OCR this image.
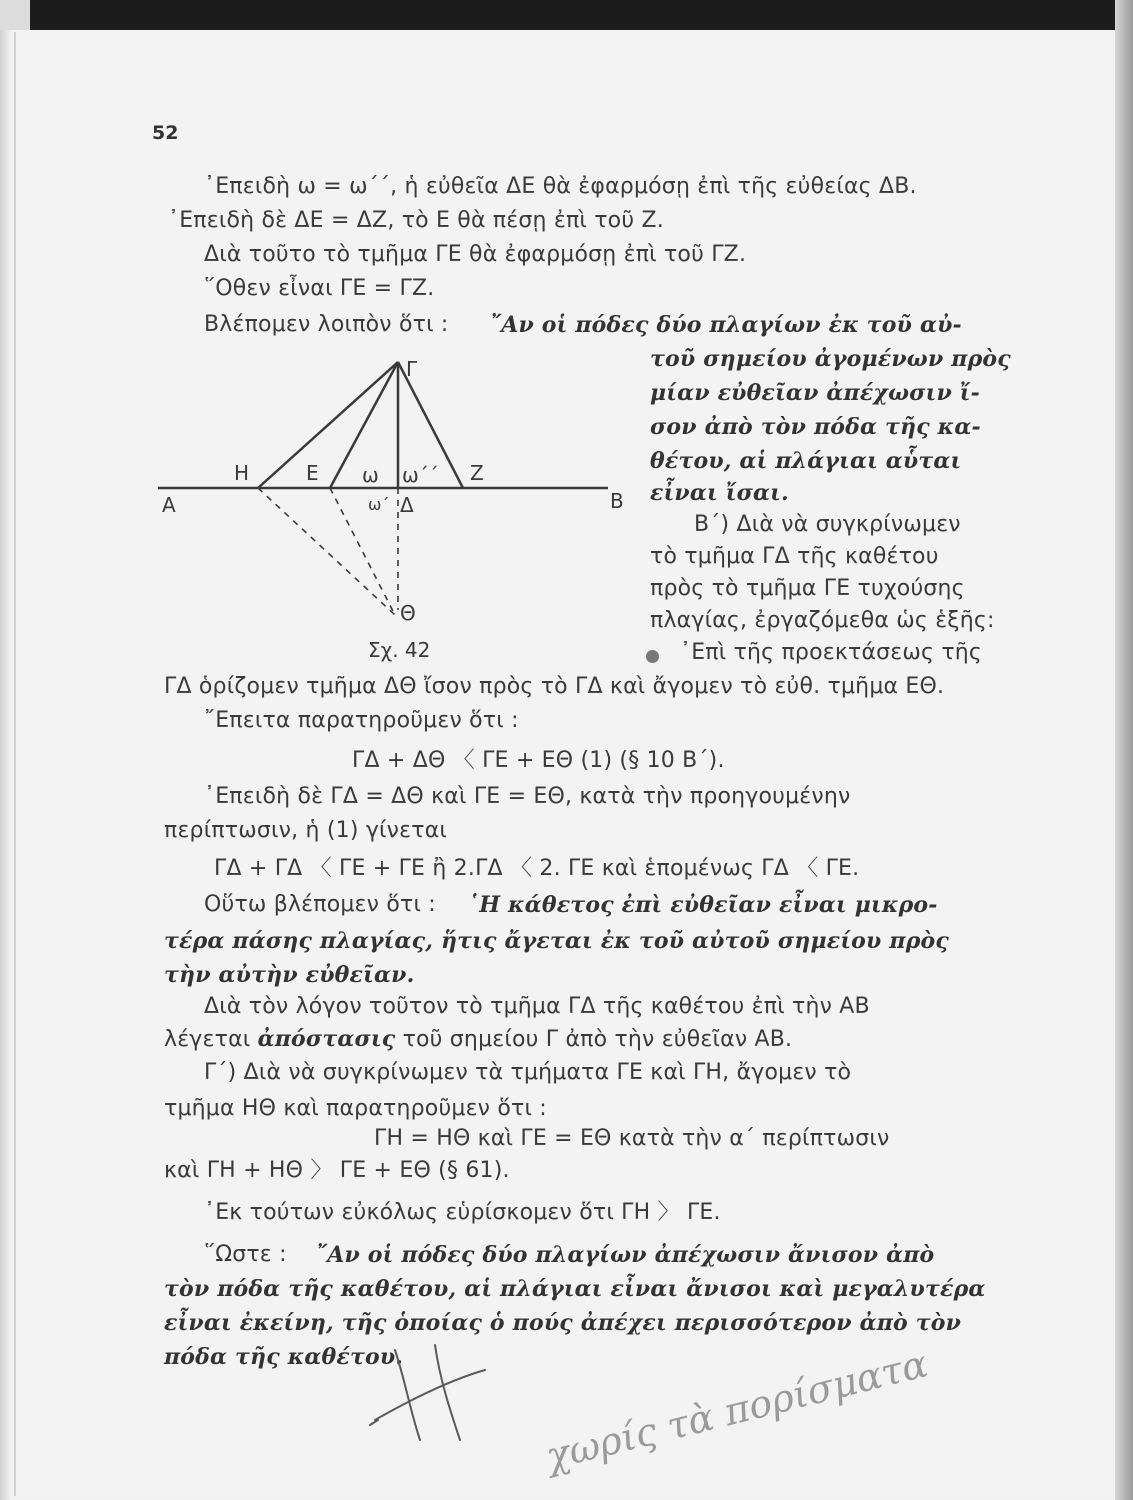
52
᾿Επειδὴ ω = ω΄΄, ἡ εὐθεῖα ΔΕ θὰ ἐφαρμόσῃ ἐπὶ τῆς εὐθείας ΔΒ.
᾿Επειδὴ δὲ ΔΕ = ΔΖ, τὸ Ε θὰ πέσῃ ἐπὶ τοῦ Ζ.
Διὰ τοῦτο τὸ τμῆμα ΓΕ θὰ ἐφαρμόσῃ ἐπὶ τοῦ ΓΖ.
῞Οθεν εἶναι ΓΕ = ΓΖ.
Βλέπομεν λοιπὸν ὅτι : ῎Αν οἱ πόδες δύο πλαγίων ἐκ τοῦ αὐ-
τοῦ σημείου ἀγομένων πρὸς
μίαν εὐθεῖαν ἀπέχωσιν ἴ-
σον ἀπὸ τὸν πόδα τῆς κα-
θέτου, αἱ πλάγιαι αὗται
εἶναι ἴσαι.
Β΄) Διὰ νὰ συγκρίνωμεν
τὸ τμῆμα ΓΔ τῆς καθέτου
πρὸς τὸ τμῆμα ΓΕ τυχούσης
πλαγίας, ἐργαζόμεθα ὡς ἑξῆς:
᾿Επὶ τῆς προεκτάσεως τῆς
Γ
Η	Ε ω ω΄΄ Ζ
Α	ω΄ Δ	Β
Θ
Σχ. 42
ΓΔ ὁρίζομεν τμῆμα ΔΘ ἴσον πρὸς τὸ ΓΔ καὶ ἄγομεν τὸ εὐθ. τμῆμα ΕΘ.
῎Επειτα παρατηροῦμεν ὅτι :
ΓΔ + ΔΘ 〈 ΓΕ + ΕΘ (1) (§ 10 Β΄).
᾿Επειδὴ δὲ ΓΔ = ΔΘ καὶ ΓΕ = ΕΘ, κατὰ τὴν προηγουμένην
περίπτωσιν, ἡ (1) γίνεται
ΓΔ + ΓΔ 〈 ΓΕ + ΓΕ ἢ 2.ΓΔ 〈 2. ΓΕ καὶ ἑπομένως ΓΔ 〈 ΓΕ.
Οὕτω βλέπομεν ὅτι : ῾Η κάθετος ἐπὶ εὐθεῖαν εἶναι μικρο-
τέρα πάσης πλαγίας, ἥτις ἄγεται ἐκ τοῦ αὐτοῦ σημείου πρὸς
τὴν αὐτὴν εὐθεῖαν.
Διὰ τὸν λόγον τοῦτον τὸ τμῆμα ΓΔ τῆς καθέτου ἐπὶ τὴν ΑΒ
λέγεται ἀπόστασις τοῦ σημείου Γ ἀπὸ τὴν εὐθεῖαν ΑΒ.
Γ΄) Διὰ νὰ συγκρίνωμεν τὰ τμήματα ΓΕ καὶ ΓΗ, ἄγομεν τὸ
τμῆμα ΗΘ καὶ παρατηροῦμεν ὅτι :
ΓΗ = ΗΘ καὶ ΓΕ = ΕΘ κατὰ τὴν α΄ περίπτωσιν
καὶ ΓΗ + ΗΘ 〉 ΓΕ + ΕΘ (§ 61).
᾿Εκ τούτων εὐκόλως εὑρίσκομεν ὅτι ΓΗ 〉 ΓΕ.
῞Ωστε : ῎Αν οἱ πόδες δύο πλαγίων ἀπέχωσιν ἄνισον ἀπὸ
τὸν πόδα τῆς καθέτου, αἱ πλάγιαι εἶναι ἄνισοι καὶ μεγαλυτέρα
εἶναι ἐκείνη, τῆς ὁποίας ὁ πούς ἀπέχει περισσότερον ἀπὸ τὸν
πόδα τῆς καθέτου.	χωρίς τὰ πορίσματα
